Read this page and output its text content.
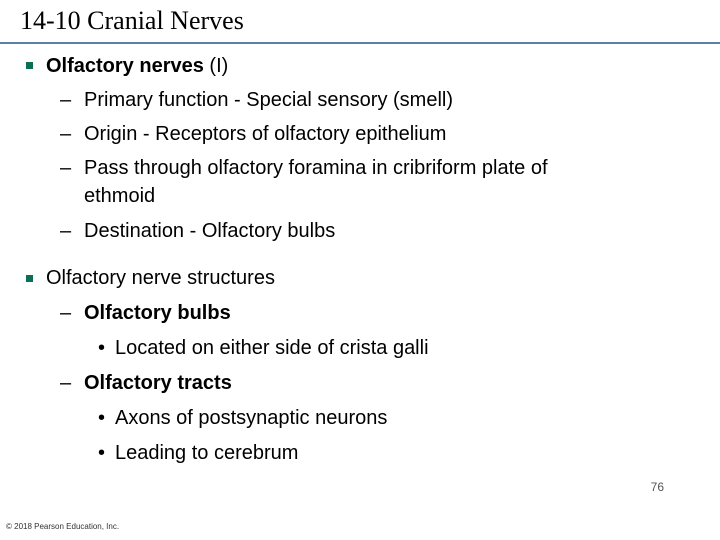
14-10 Cranial Nerves
Olfactory nerves (I)
– Primary function - Special sensory (smell)
– Origin - Receptors of olfactory epithelium
– Pass through olfactory foramina in cribriform plate of
ethmoid
– Destination - Olfactory bulbs
Olfactory nerve structures
– Olfactory bulbs
• Located on either side of crista galli
– Olfactory tracts
• Axons of postsynaptic neurons
• Leading to cerebrum
76
© 2018 Pearson Education, Inc.
